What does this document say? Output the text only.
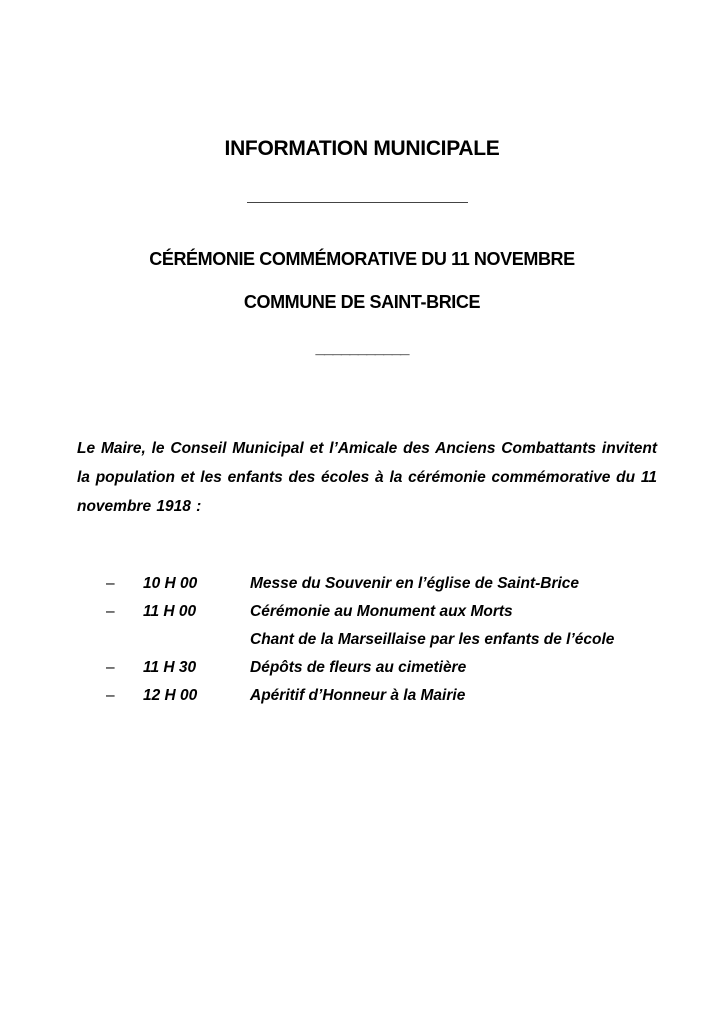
INFORMATION MUNICIPALE
CÉRÉMONIE COMMÉMORATIVE DU 11 NOVEMBRE
COMMUNE DE SAINT-BRICE
___________
Le Maire, le Conseil Municipal et l’Amicale des Anciens Combattants invitent la population et les enfants des écoles à la cérémonie commémorative du 11 novembre 1918 :
–	10 H 00	Messe du Souvenir en l’église de Saint-Brice
–	11 H 00	Cérémonie au Monument aux Morts
Chant de la Marseillaise par les enfants de l’école
–	11 H 30	Dépôts de fleurs au cimetière
–	12 H 00	Apéritif d’Honneur à la Mairie
